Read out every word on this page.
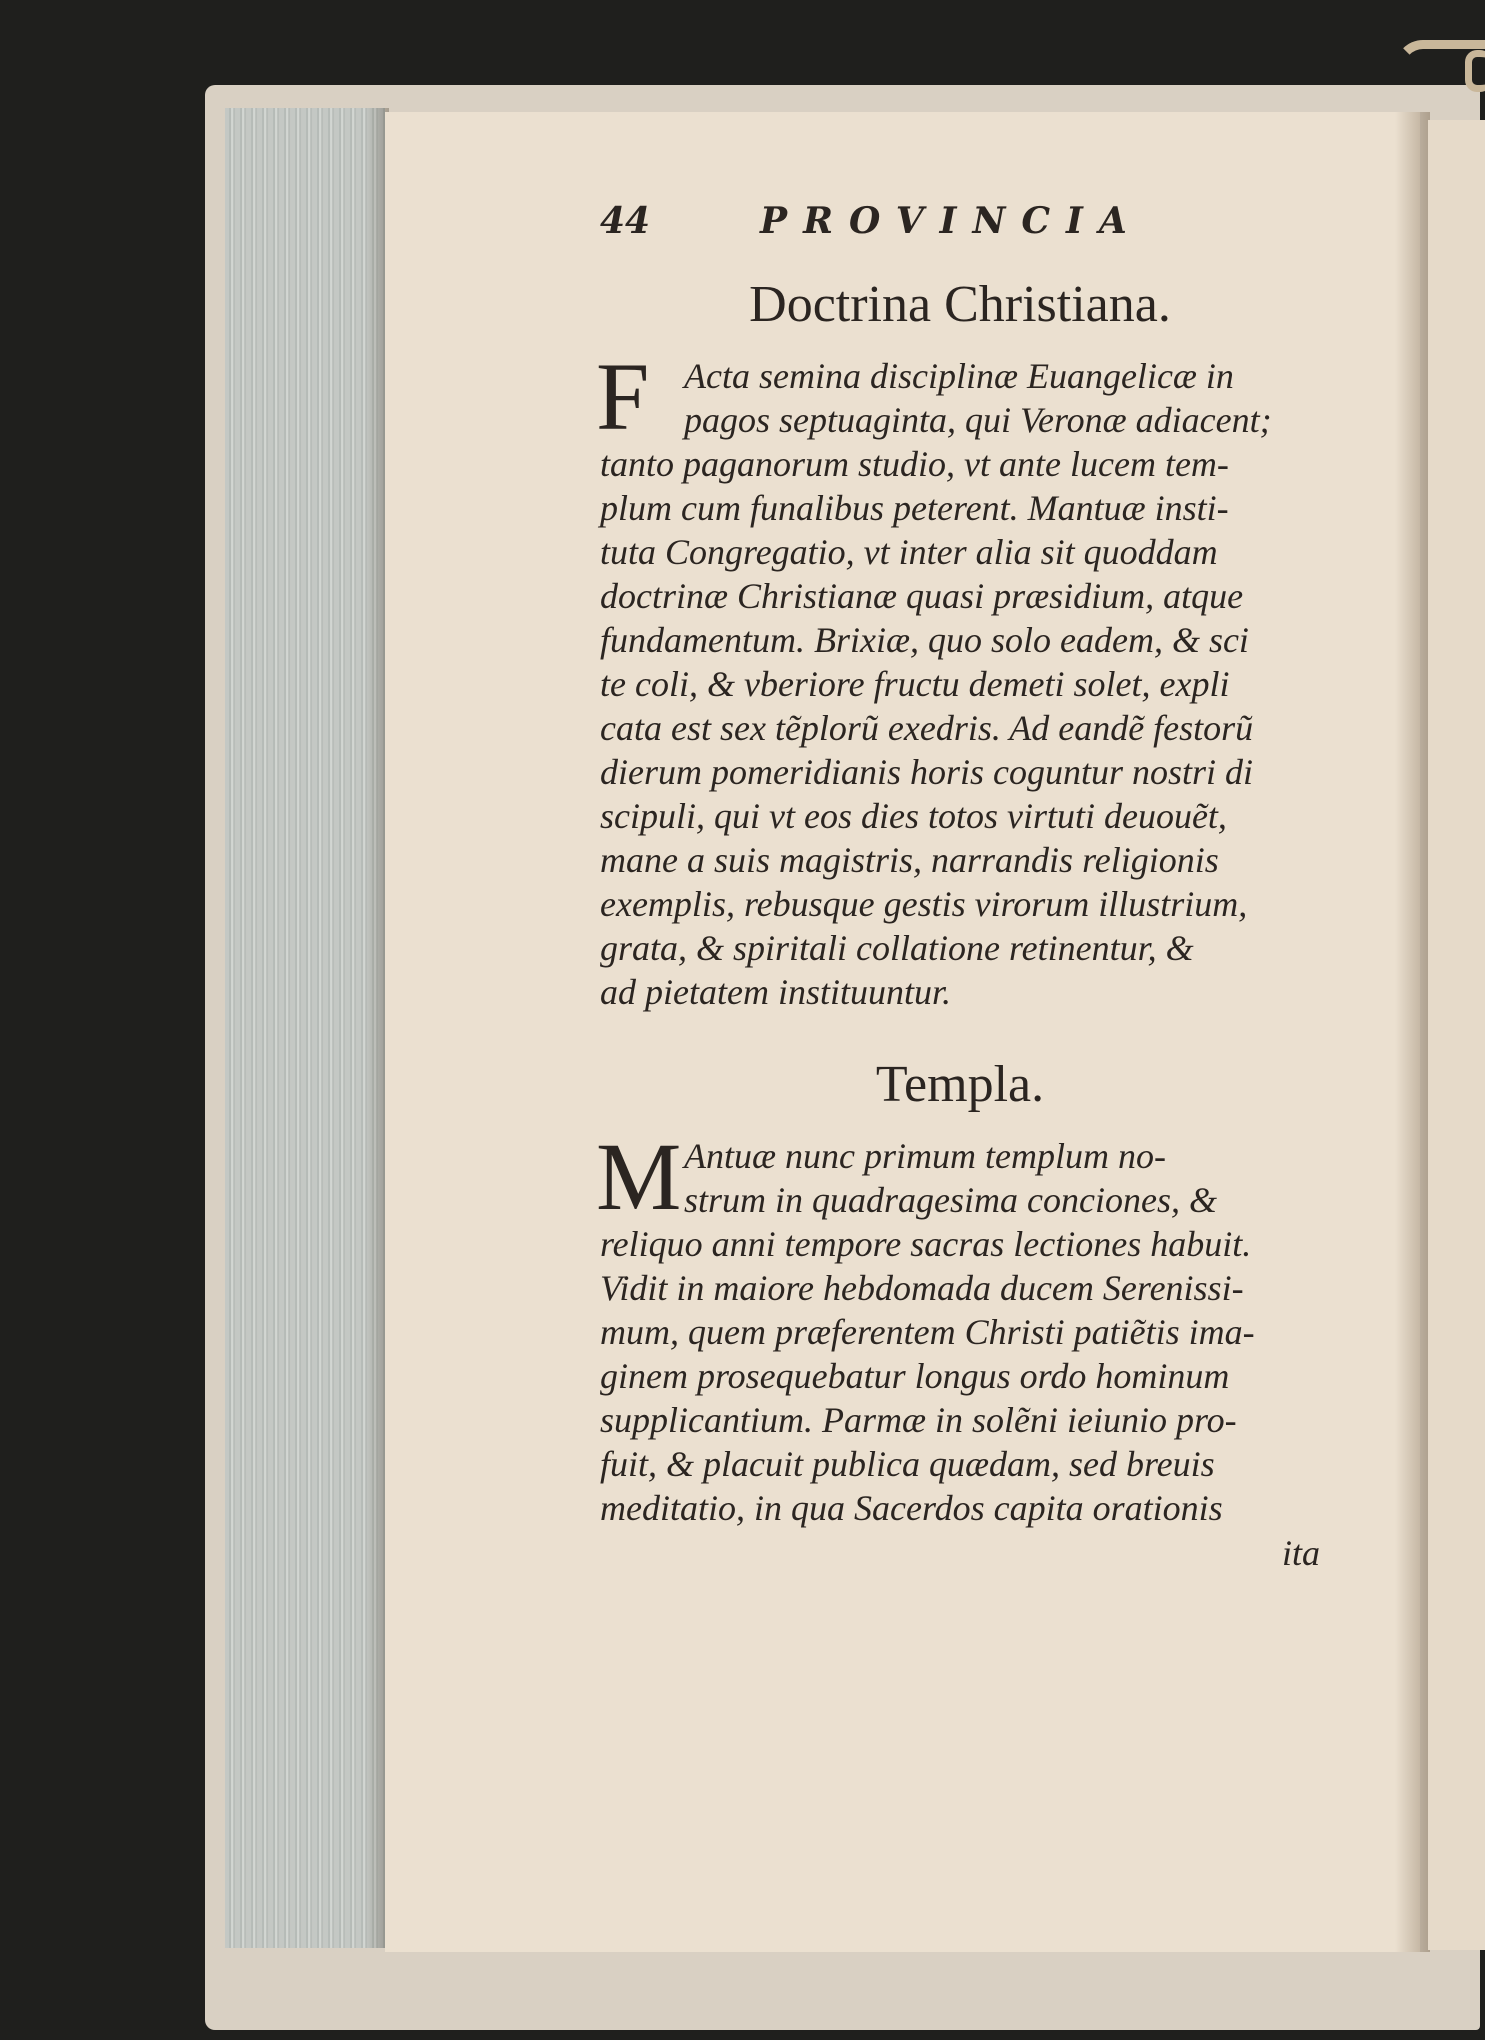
44	PROVINCIA
Doctrina Christiana.
F Acta semina disciplinæ Euangelicæ in
pagos septuaginta, qui Veronæ adiacent;
tanto paganorum studio, vt ante lucem tem-
plum cum funalibus peterent. Mantuæ insti-
tuta Congregatio, vt inter alia sit quoddam
doctrinæ Christianæ quasi præsidium, atque
fundamentum. Brixiæ, quo solo eadem, & sci
te coli, & vberiore fructu demeti solet, expli
cata est sex tẽplorũ exedris. Ad eandẽ festorũ
dierum pomeridianis horis coguntur nostri di
scipuli, qui vt eos dies totos virtuti deuouẽt,
mane a suis magistris, narrandis religionis
exemplis, rebusque gestis virorum illustrium,
grata, & spiritali collatione retinentur, &
ad pietatem instituuntur.
Templa.
M Antuæ nunc primum templum no-
strum in quadragesima conciones, &
reliquo anni tempore sacras lectiones habuit.
Vidit in maiore hebdomada ducem Serenissi-
mum, quem præferentem Christi patiẽtis ima-
ginem prosequebatur longus ordo hominum
supplicantium. Parmæ in solẽni ieiunio pro-
fuit, & placuit publica quædam, sed breuis
meditatio, in qua Sacerdos capita orationis
ita
